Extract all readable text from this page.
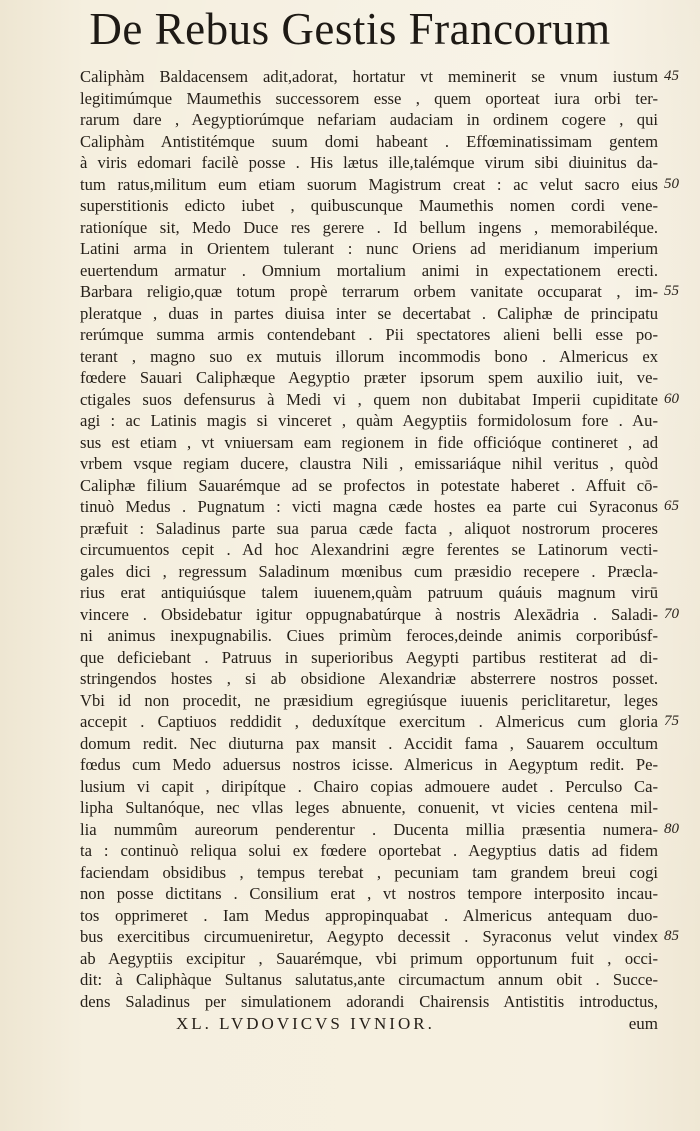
De Rebus Gestis Francorum
Caliphàm Baldacensem adit,adorat, hortatur vt meminerit se vnum iustum
legitimúmque Maumethis successorem esse , quem oporteat iura orbi ter-
rarum dare , Aegyptiorúmque nefariam audaciam in ordinem cogere , qui
Caliphàm Antistitémque suum domi habeant . Effœminatissimam gentem
à viris edomari facilè posse . His lætus ille,talémque virum sibi diuinitus da-
tum ratus,militum eum etiam suorum Magistrum creat : ac velut sacro eius
superstitionis edicto iubet , quibuscunque Maumethis nomen cordi vene-
rationíque sit, Medo Duce res gerere . Id bellum ingens , memorabiléque.
Latini arma in Orientem tulerant : nunc Oriens ad meridianum imperium
euertendum armatur . Omnium mortalium animi in expectationem erecti.
Barbara religio,quæ totum propè terrarum orbem vanitate occuparat , im-
pleratque , duas in partes diuisa inter se decertabat . Caliphæ de principatu
rerúmque summa armis contendebant . Pii spectatores alieni belli esse po-
terant , magno suo ex mutuis illorum incommodis bono . Almericus ex
fœdere Sauari Caliphæque Aegyptio præter ipsorum spem auxilio iuit, ve-
ctigales suos defensurus à Medi vi , quem non dubitabat Imperii cupiditate
agi : ac Latinis magis si vinceret , quàm Aegyptiis formidolosum fore . Au-
sus est etiam , vt vniuersam eam regionem in fide officióque contineret , ad
vrbem vsque regiam ducere, claustra Nili , emissariáque nihil veritus , quòd
Caliphæ filium Sauarémque ad se profectos in potestate haberet . Affuit cō-
tinuò Medus . Pugnatum : victi magna cæde hostes ea parte cui Syraconus
præfuit : Saladinus parte sua parua cæde facta , aliquot nostrorum proceres
circumuentos cepit . Ad hoc Alexandrini ægre ferentes se Latinorum vecti-
gales dici , regressum Saladinum mœnibus cum præsidio recepere . Præcla-
rius erat antiquiúsque talem iuuenem,quàm patruum quáuis magnum virū
vincere . Obsidebatur igitur oppugnabatúrque à nostris Alexādria . Saladi-
ni animus inexpugnabilis. Ciues primùm feroces,deinde animis corporibúsf-
que deficiebant . Patruus in superioribus Aegypti partibus restiterat ad di-
stringendos hostes , si ab obsidione Alexandriæ absterrere nostros posset.
Vbi id non procedit, ne præsidium egregiúsque iuuenis periclitaretur, leges
accepit . Captiuos reddidit , deduxítque exercitum . Almericus cum gloria
domum redit. Nec diuturna pax mansit . Accidit fama , Sauarem occultum
fœdus cum Medo aduersus nostros icisse. Almericus in Aegyptum redit. Pe-
lusium vi capit , diripítque . Chairo copias admouere audet . Perculso Ca-
lipha Sultanóque, nec vllas leges abnuente, conuenit, vt vicies centena mil-
lia nummûm aureorum penderentur . Ducenta millia præsentia numera-
ta : continuò reliqua solui ex fœdere oportebat . Aegyptius datis ad fidem
faciendam obsidibus , tempus terebat , pecuniam tam grandem breui cogi
non posse dictitans . Consilium erat , vt nostros tempore interposito incau-
tos opprimeret . Iam Medus appropinquabat . Almericus antequam duo-
bus exercitibus circumueniretur, Aegypto decessit . Syraconus velut vindex
ab Aegyptiis excipitur , Sauarémque, vbi primum opportunum fuit , occi-
dit: à Caliphàque Sultanus salutatus,ante circumactum annum obit . Succe-
dens Saladinus per simulationem adorandi Chairensis Antistitis introductus,
45
50
55
60
65
70
75
80
85
XL. LVDOVICVS IVNIOR.	eum
